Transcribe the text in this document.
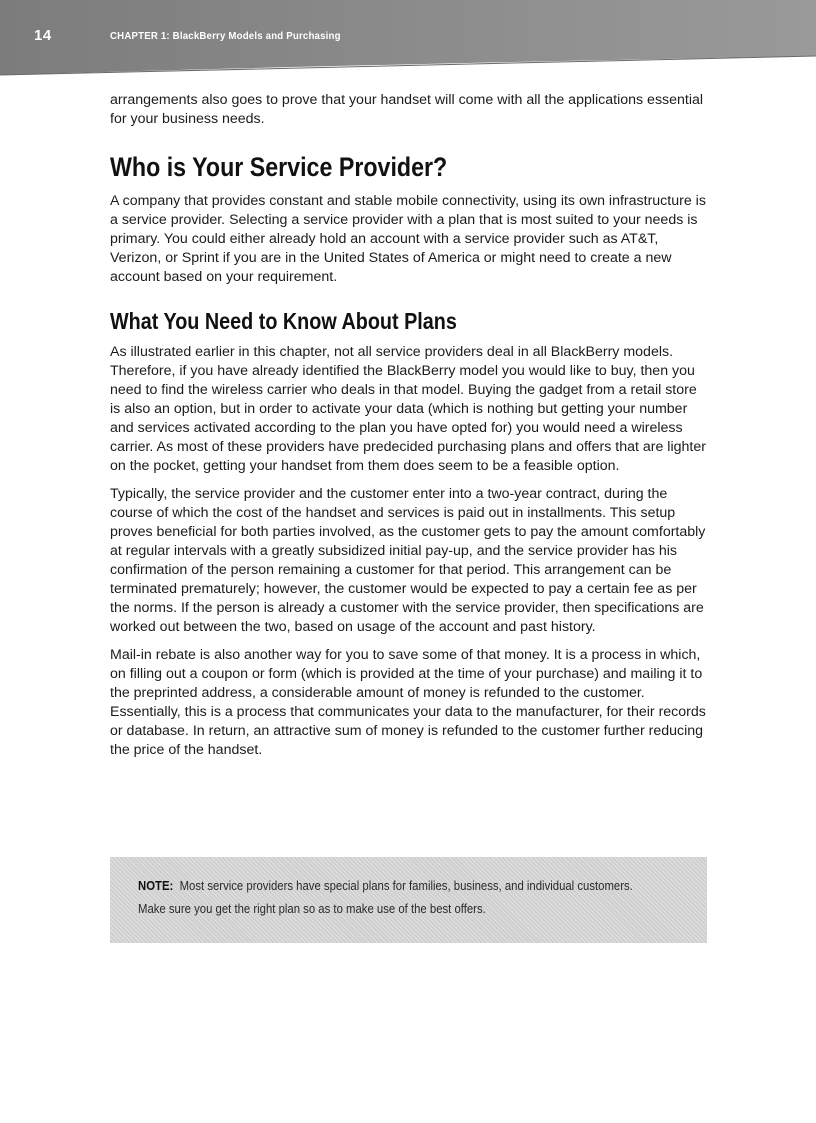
14	CHAPTER 1: BlackBerry Models and Purchasing

arrangements also goes to prove that your handset will come with all the applications essential for your business needs.

Who is Your Service Provider?

A company that provides constant and stable mobile connectivity, using its own infrastructure is a service provider. Selecting a service provider with a plan that is most suited to your needs is primary. You could either already hold an account with a service provider such as AT&T, Verizon, or Sprint if you are in the United States of America or might need to create a new account based on your requirement.

What You Need to Know About Plans

As illustrated earlier in this chapter, not all service providers deal in all BlackBerry models. Therefore, if you have already identified the BlackBerry model you would like to buy, then you need to find the wireless carrier who deals in that model. Buying the gadget from a retail store is also an option, but in order to activate your data (which is nothing but getting your number and services activated according to the plan you have opted for) you would need a wireless carrier. As most of these providers have predecided purchasing plans and offers that are lighter on the pocket, getting your handset from them does seem to be a feasible option.

Typically, the service provider and the customer enter into a two-year contract, during the course of which the cost of the handset and services is paid out in installments. This setup proves beneficial for both parties involved, as the customer gets to pay the amount comfortably at regular intervals with a greatly subsidized initial pay-up, and the service provider has his confirmation of the person remaining a customer for that period. This arrangement can be terminated prematurely; however, the customer would be expected to pay a certain fee as per the norms. If the person is already a customer with the service provider, then specifications are worked out between the two, based on usage of the account and past history.

Mail-in rebate is also another way for you to save some of that money. It is a process in which, on filling out a coupon or form (which is provided at the time of your purchase) and mailing it to the preprinted address, a considerable amount of money is refunded to the customer. Essentially, this is a process that communicates your data to the manufacturer, for their records or database. In return, an attractive sum of money is refunded to the customer further reducing the price of the handset.

NOTE: Most service providers have special plans for families, business, and individual customers. Make sure you get the right plan so as to make use of the best offers.
